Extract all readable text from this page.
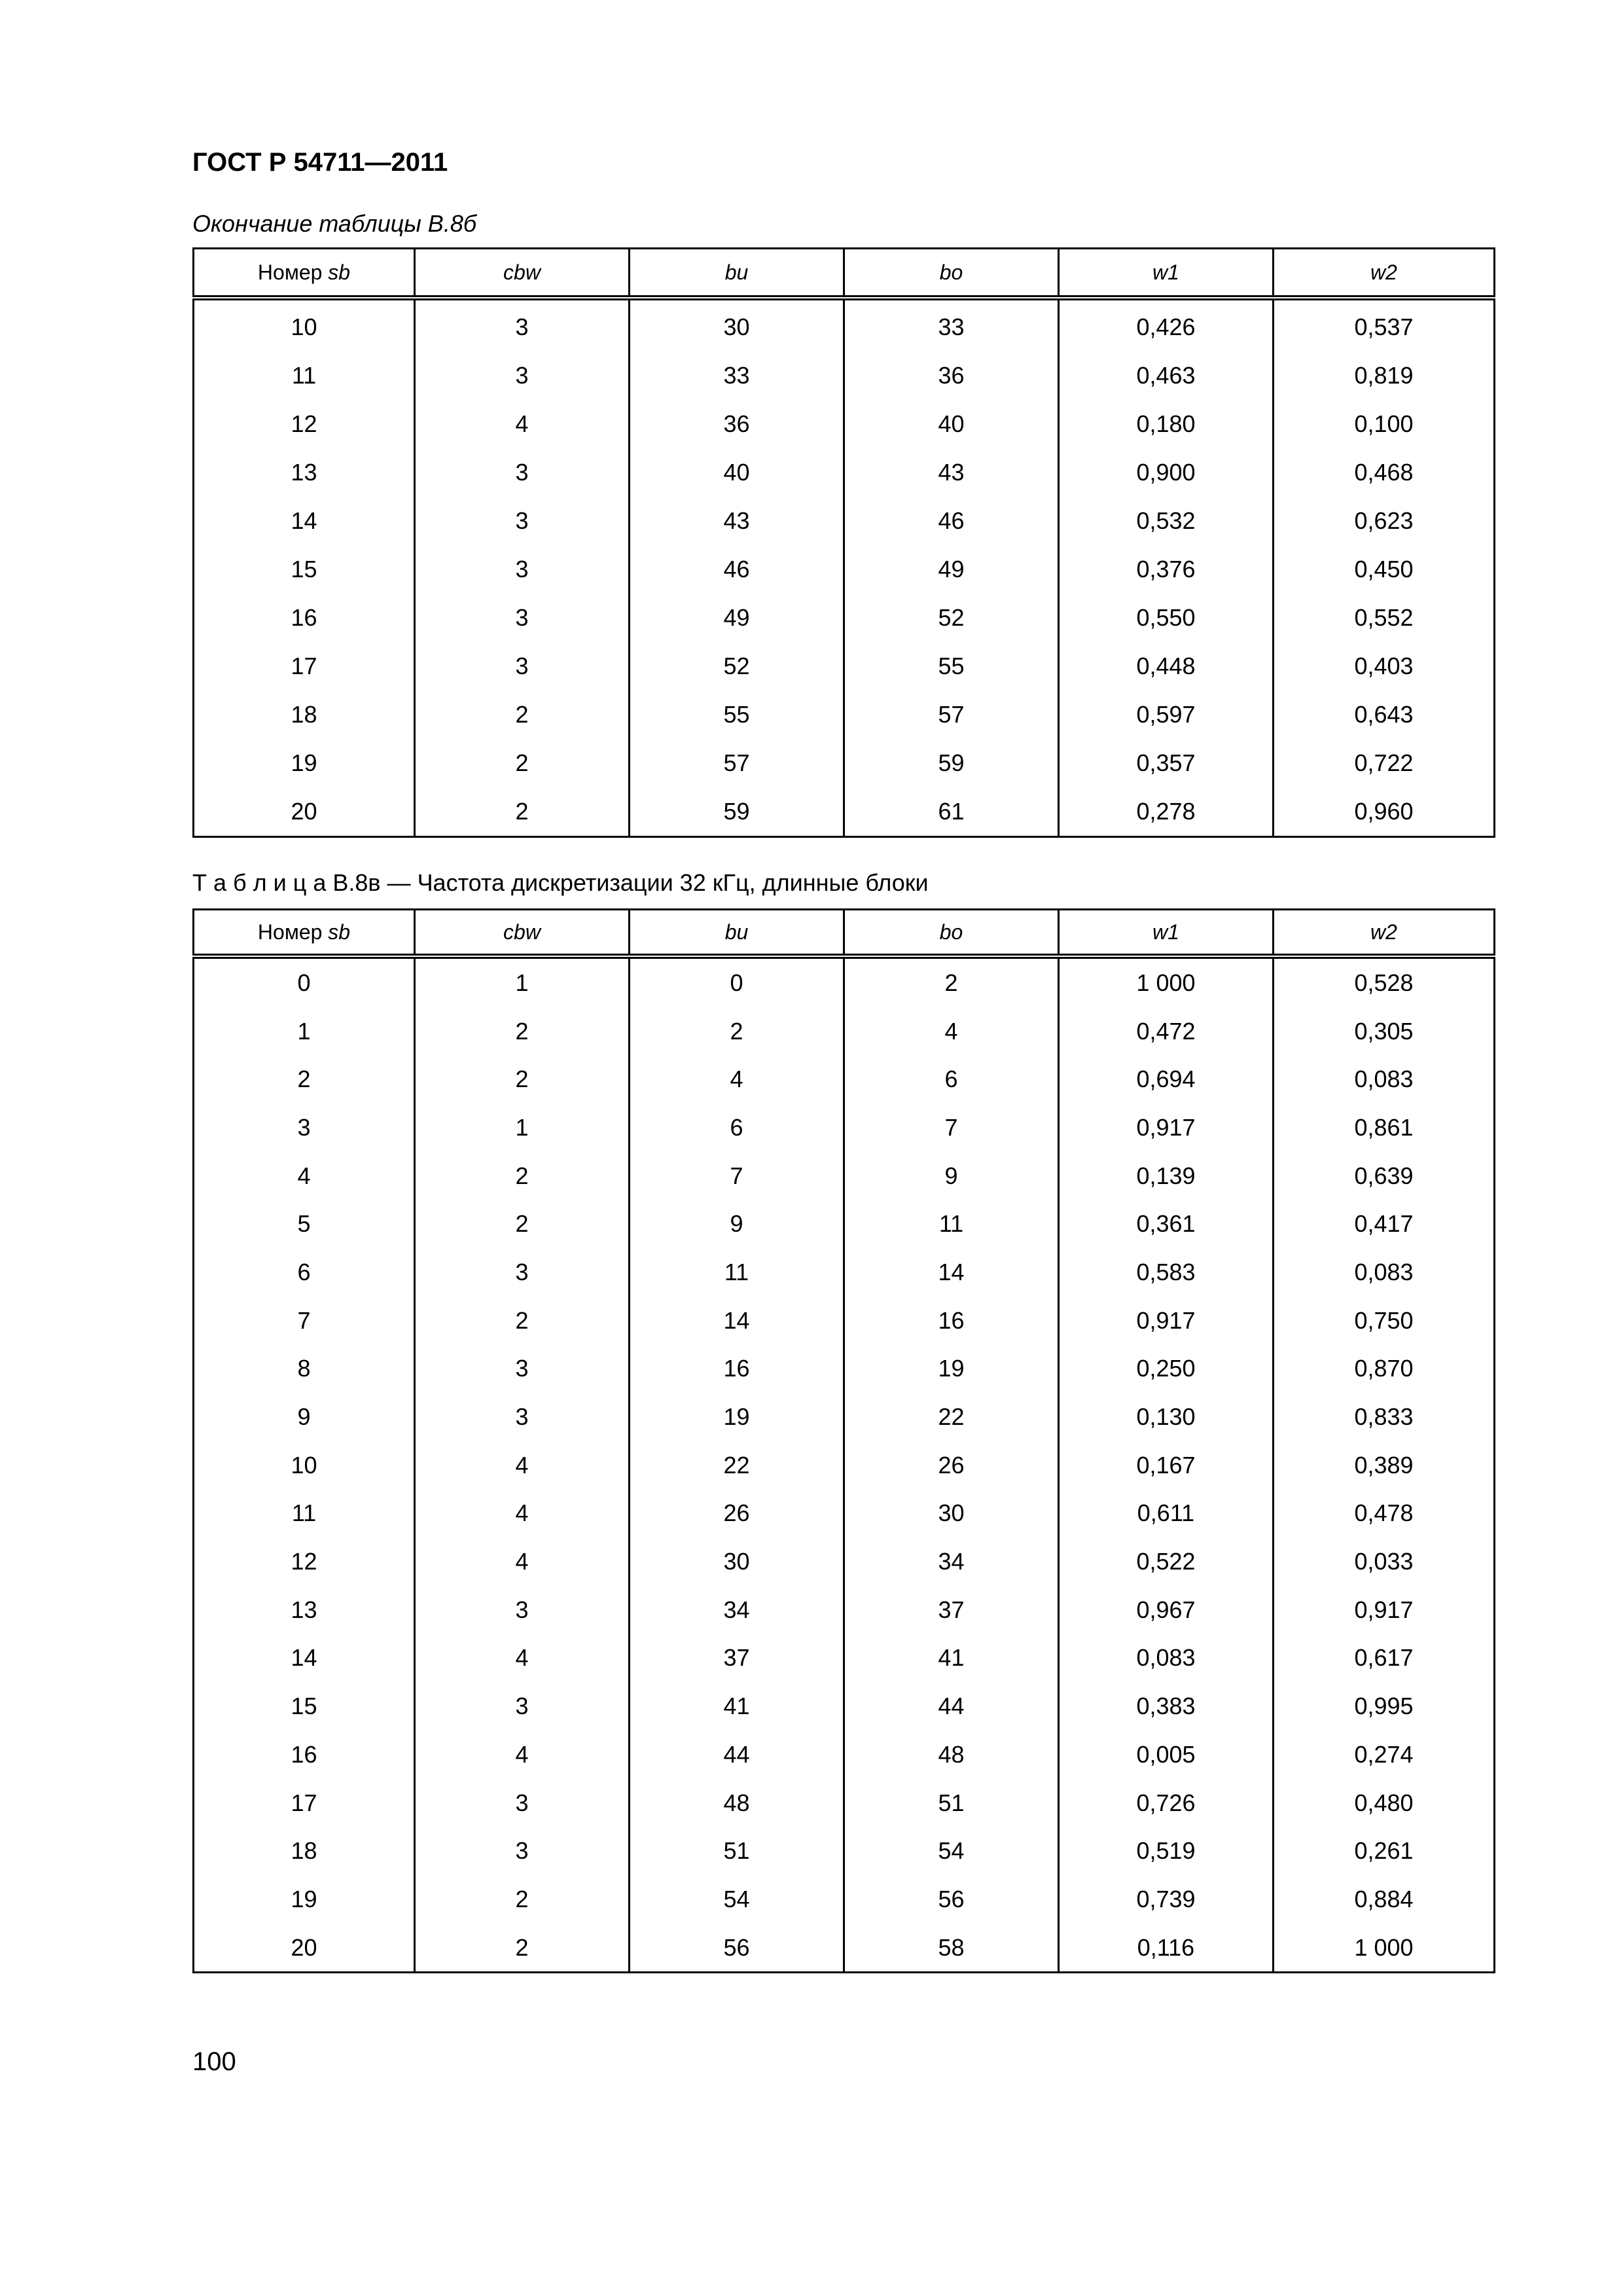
ГОСТ Р 54711—2011
Окончание таблицы В.8б
Номер sb	cbw	bu	bo	w1	w2
10	3	30	33	0,426	0,537
11	3	33	36	0,463	0,819
12	4	36	40	0,180	0,100
13	3	40	43	0,900	0,468
14	3	43	46	0,532	0,623
15	3	46	49	0,376	0,450
16	3	49	52	0,550	0,552
17	3	52	55	0,448	0,403
18	2	55	57	0,597	0,643
19	2	57	59	0,357	0,722
20	2	59	61	0,278	0,960
Т а б л и ц а В.8в — Частота дискретизации 32 кГц, длинные блоки
Номер sb	cbw	bu	bo	w1	w2
0	1	0	2	1 000	0,528
1	2	2	4	0,472	0,305
2	2	4	6	0,694	0,083
3	1	6	7	0,917	0,861
4	2	7	9	0,139	0,639
5	2	9	11	0,361	0,417
6	3	11	14	0,583	0,083
7	2	14	16	0,917	0,750
8	3	16	19	0,250	0,870
9	3	19	22	0,130	0,833
10	4	22	26	0,167	0,389
11	4	26	30	0,611	0,478
12	4	30	34	0,522	0,033
13	3	34	37	0,967	0,917
14	4	37	41	0,083	0,617
15	3	41	44	0,383	0,995
16	4	44	48	0,005	0,274
17	3	48	51	0,726	0,480
18	3	51	54	0,519	0,261
19	2	54	56	0,739	0,884
20	2	56	58	0,116	1 000
100
